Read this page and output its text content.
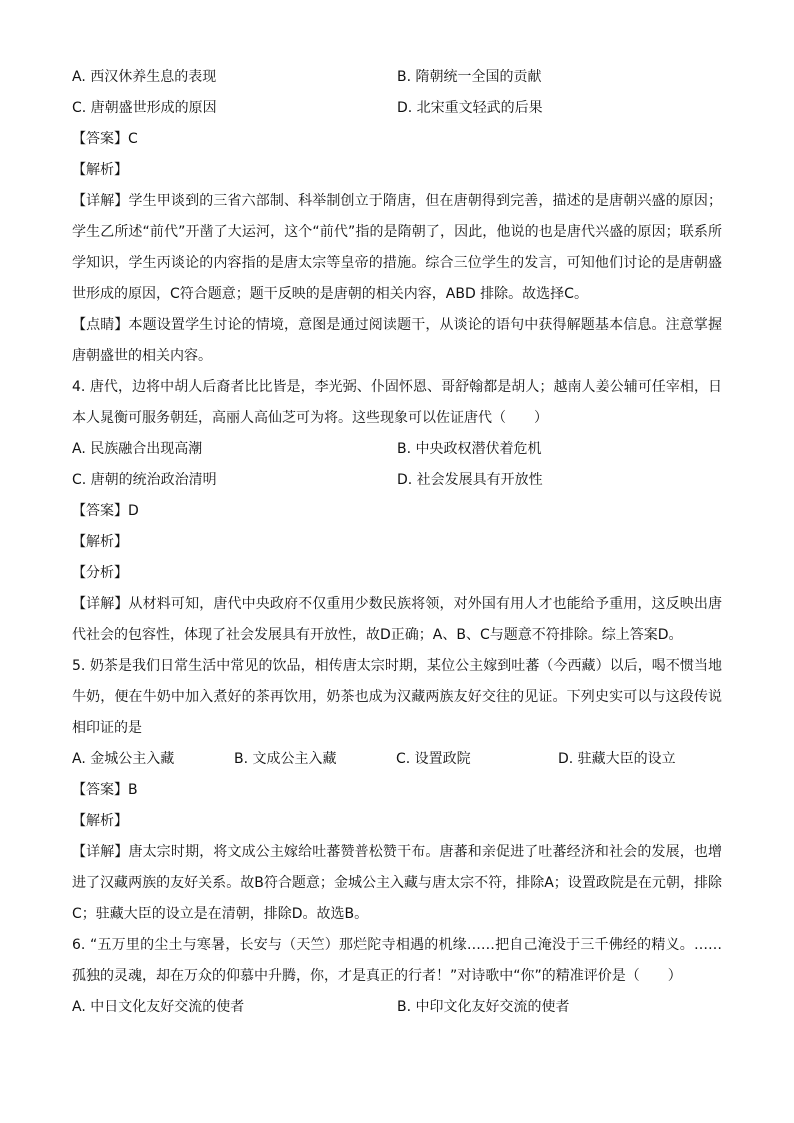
A. 西汉休养生息的表现	B. 隋朝统一全国的贡献
C. 唐朝盛世形成的原因	D. 北宋重文轻武的后果
【答案】C
【解析】
【详解】学生甲谈到的三省六部制、科举制创立于隋唐，但在唐朝得到完善，描述的是唐朝兴盛的原因；学生乙所述“前代”开凿了大运河，这个“前代”指的是隋朝了，因此，他说的也是唐代兴盛的原因；联系所学知识，学生丙谈论的内容指的是唐太宗等皇帝的措施。综合三位学生的发言，可知他们讨论的是唐朝盛世形成的原因，C符合题意；题干反映的是唐朝的相关内容，ABD 排除。故选择C。
【点睛】本题设置学生讨论的情境，意图是通过阅读题干，从谈论的语句中获得解题基本信息。注意掌握唐朝盛世的相关内容。
4. 唐代，边将中胡人后裔者比比皆是，李光弼、仆固怀恩、哥舒翰都是胡人；越南人姜公辅可任宰相，日本人晁衡可服务朝廷，高丽人高仙芝可为将。这些现象可以佐证唐代（　　）
A. 民族融合出现高潮	B. 中央政权潜伏着危机
C. 唐朝的统治政治清明	D. 社会发展具有开放性
【答案】D
【解析】
【分析】
【详解】从材料可知，唐代中央政府不仅重用少数民族将领，对外国有用人才也能给予重用，这反映出唐代社会的包容性，体现了社会发展具有开放性，故D正确；A、B、C与题意不符排除。综上答案D。
5. 奶茶是我们日常生活中常见的饮品，相传唐太宗时期，某位公主嫁到吐蕃（今西藏）以后，喝不惯当地牛奶，便在牛奶中加入煮好的茶再饮用，奶茶也成为汉藏两族友好交往的见证。下列史实可以与这段传说相印证的是
A. 金城公主入藏	B. 文成公主入藏	C. 设置政院	D. 驻藏大臣的设立
【答案】B
【解析】
【详解】唐太宗时期，将文成公主嫁给吐蕃赞普松赞干布。唐蕃和亲促进了吐蕃经济和社会的发展，也增进了汉藏两族的友好关系。故B符合题意；金城公主入藏与唐太宗不符，排除A；设置政院是在元朝，排除C；驻藏大臣的设立是在清朝，排除D。故选B。
6. “五万里的尘土与寒暑，长安与（天竺）那烂陀寺相遇的机缘……把自己淹没于三千佛经的精义。……孤独的灵魂，却在万众的仰慕中升腾，你，才是真正的行者！”对诗歌中“你”的精准评价是（　　）
A. 中日文化友好交流的使者	B. 中印文化友好交流的使者
